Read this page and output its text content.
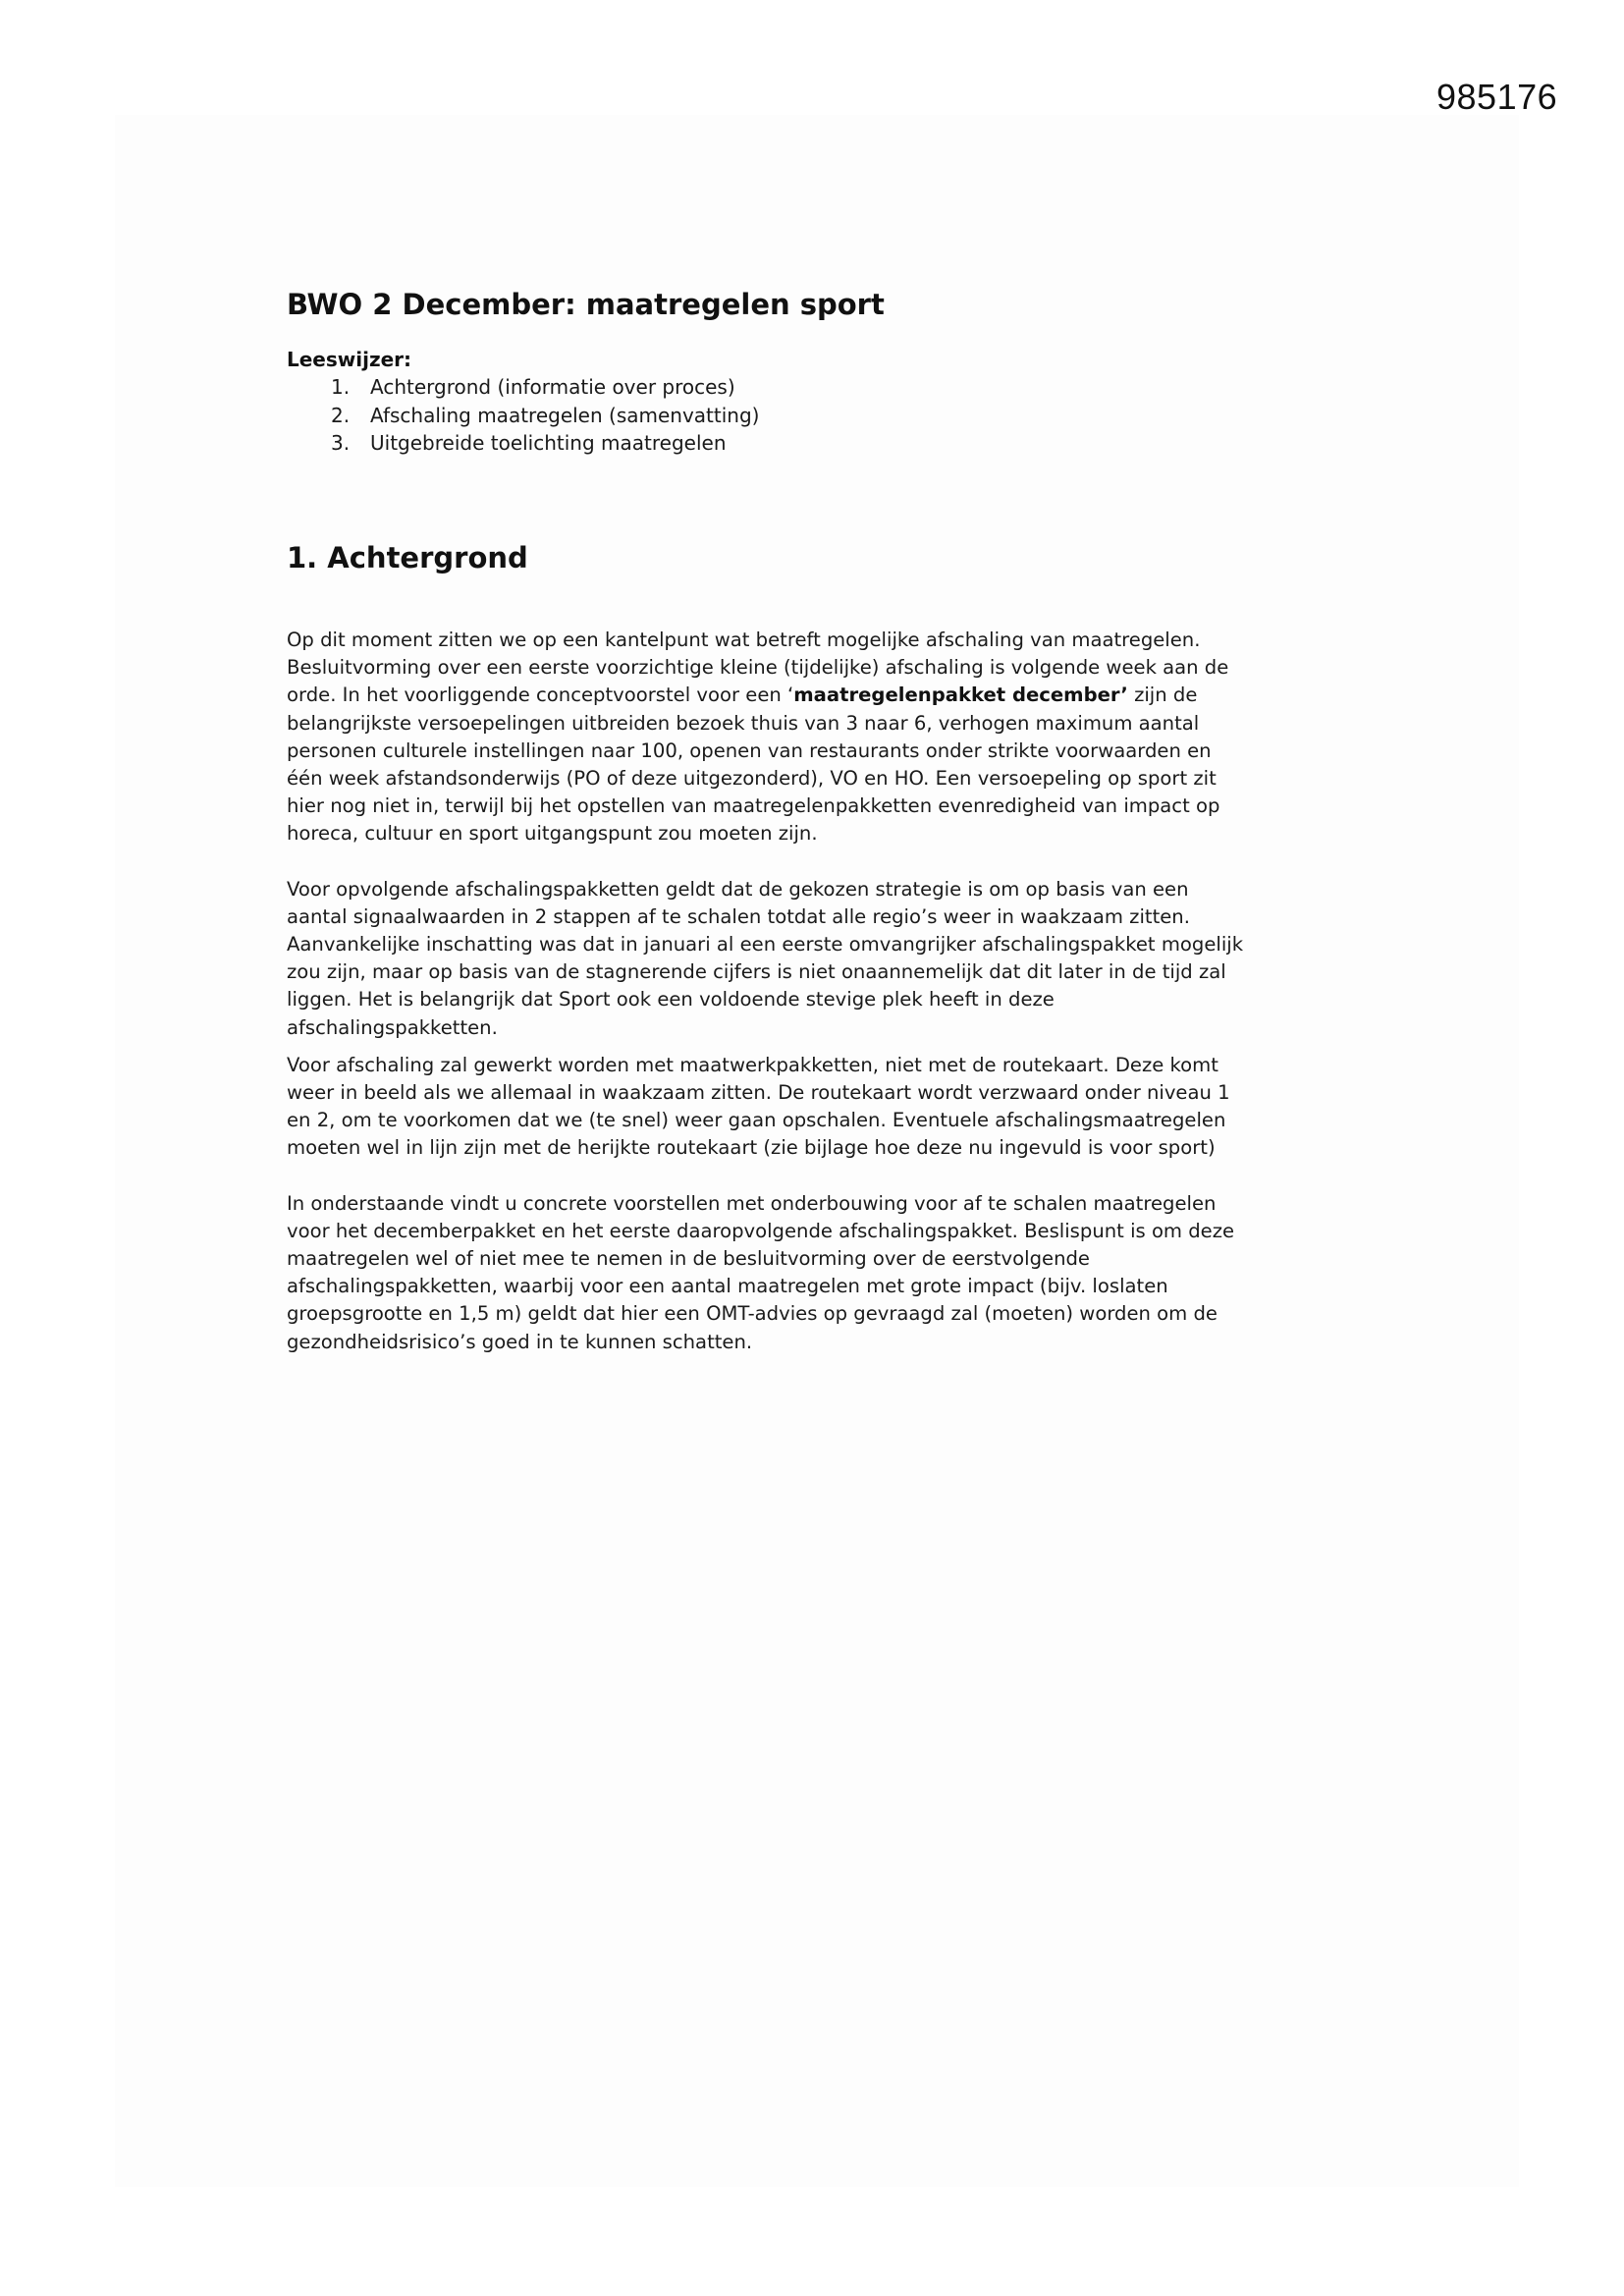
985176
BWO 2 December: maatregelen sport
Leeswijzer:
1.	Achtergrond (informatie over proces)
2.	Afschaling maatregelen (samenvatting)
3.	Uitgebreide toelichting maatregelen
1. Achtergrond

Op dit moment zitten we op een kantelpunt wat betreft mogelijke afschaling van maatregelen.
Besluitvorming over een eerste voorzichtige kleine (tijdelijke) afschaling is volgende week aan de
orde. In het voorliggende conceptvoorstel voor een ‘maatregelenpakket december’ zijn de
belangrijkste versoepelingen uitbreiden bezoek thuis van 3 naar 6, verhogen maximum aantal
personen culturele instellingen naar 100, openen van restaurants onder strikte voorwaarden en
één week afstandsonderwijs (PO of deze uitgezonderd), VO en HO. Een versoepeling op sport zit
hier nog niet in, terwijl bij het opstellen van maatregelenpakketten evenredigheid van impact op
horeca, cultuur en sport uitgangspunt zou moeten zijn.

Voor opvolgende afschalingspakketten geldt dat de gekozen strategie is om op basis van een
aantal signaalwaarden in 2 stappen af te schalen totdat alle regio’s weer in waakzaam zitten.
Aanvankelijke inschatting was dat in januari al een eerste omvangrijker afschalingspakket mogelijk
zou zijn, maar op basis van de stagnerende cijfers is niet onaannemelijk dat dit later in de tijd zal
liggen. Het is belangrijk dat Sport ook een voldoende stevige plek heeft in deze
afschalingspakketten.

Voor afschaling zal gewerkt worden met maatwerkpakketten, niet met de routekaart. Deze komt
weer in beeld als we allemaal in waakzaam zitten. De routekaart wordt verzwaard onder niveau 1
en 2, om te voorkomen dat we (te snel) weer gaan opschalen. Eventuele afschalingsmaatregelen
moeten wel in lijn zijn met de herijkte routekaart (zie bijlage hoe deze nu ingevuld is voor sport)

In onderstaande vindt u concrete voorstellen met onderbouwing voor af te schalen maatregelen
voor het decemberpakket en het eerste daaropvolgende afschalingspakket. Beslispunt is om deze
maatregelen wel of niet mee te nemen in de besluitvorming over de eerstvolgende
afschalingspakketten, waarbij voor een aantal maatregelen met grote impact (bijv. loslaten
groepsgrootte en 1,5 m) geldt dat hier een OMT-advies op gevraagd zal (moeten) worden om de
gezondheidsrisico’s goed in te kunnen schatten.
